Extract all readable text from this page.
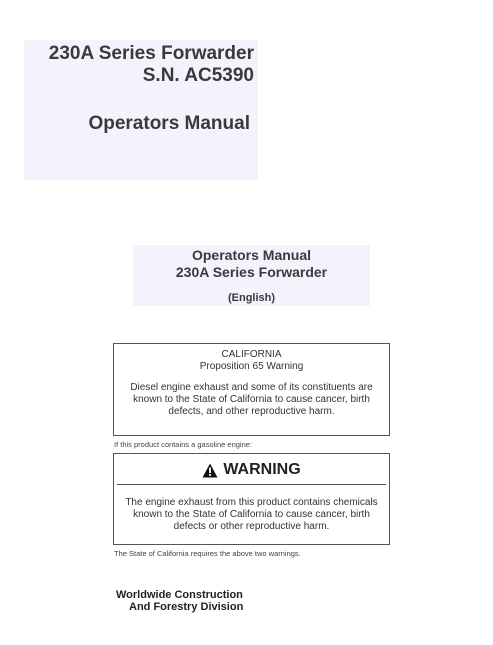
230A Series Forwarder
S.N. AC5390
Operators Manual
Operators Manual
230A Series Forwarder
(English)
CALIFORNIA
Proposition 65 Warning
Diesel engine exhaust and some of its constituents are known to the State of California to cause cancer, birth defects, and other reproductive harm.
If this product contains a gasoline engine:
WARNING
The engine exhaust from this product contains chemicals known to the State of California to cause cancer, birth defects or other reproductive harm.
The State of California requires the above two warnings.
Worldwide Construction
And Forestry Division
